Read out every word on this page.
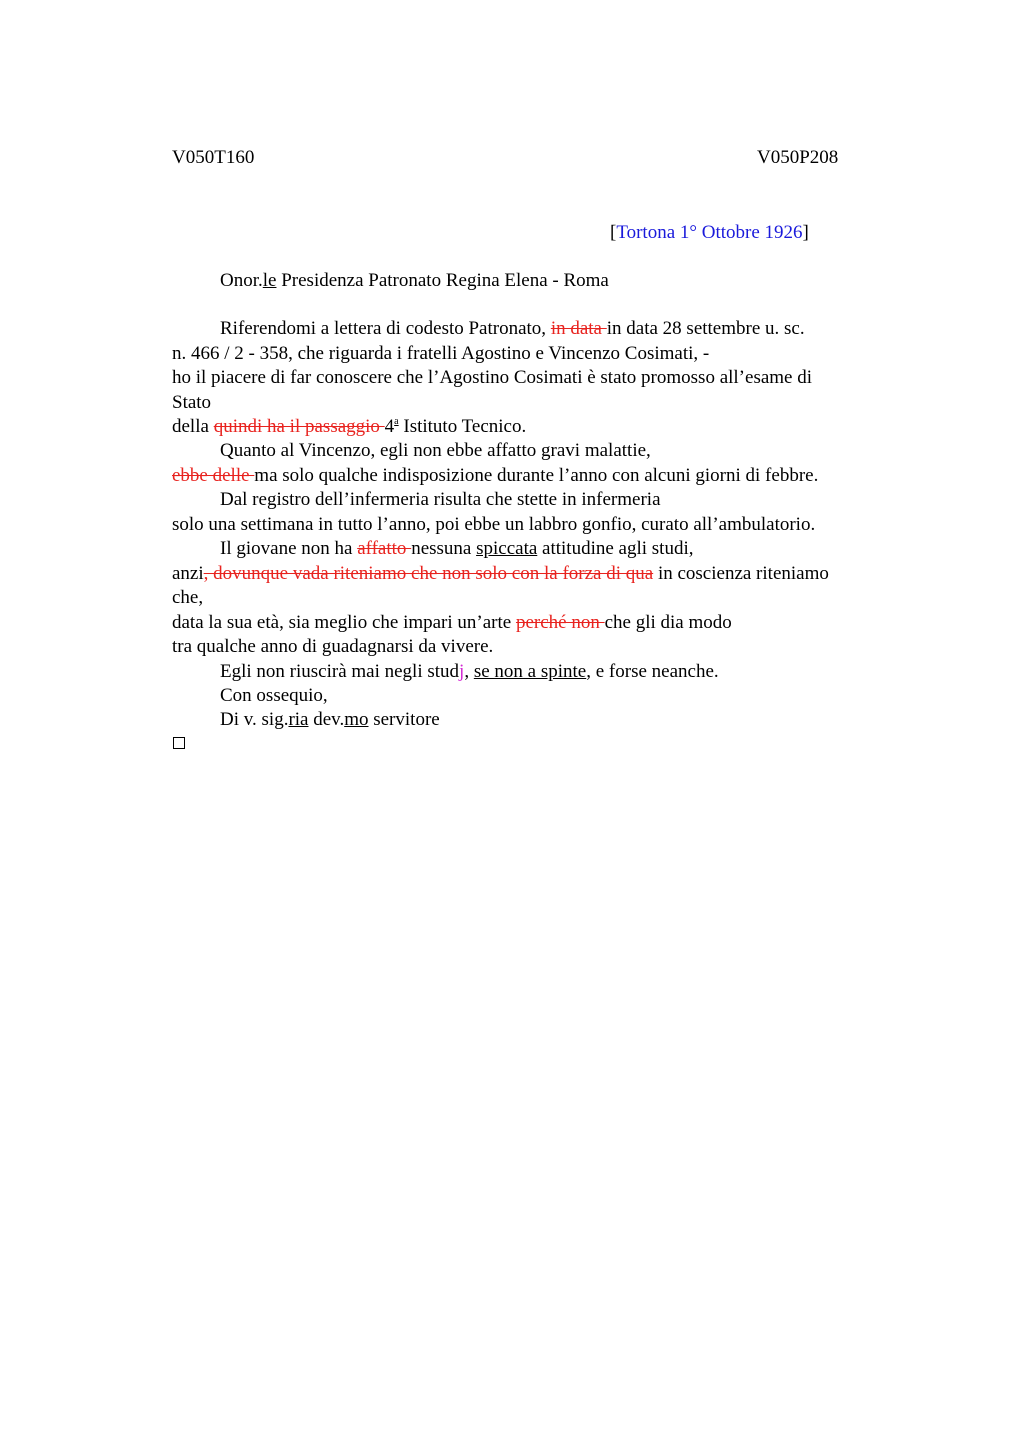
V050T160	V050P208
[Tortona 1° Ottobre 1926]
Onor.le Presidenza Patronato Regina Elena - Roma
Riferendomi a lettera di codesto Patronato, in data in data 28 settembre u. sc.
n. 466 / 2 - 358, che riguarda i fratelli Agostino e Vincenzo Cosimati, -
ho il piacere di far conoscere che l’Agostino Cosimati è stato promosso all’esame di
Stato
della quindi ha il passaggio 4$^a$ Istituto Tecnico.
Quanto al Vincenzo, egli non ebbe affatto gravi malattie,
ebbe delle ma solo qualche indisposizione durante l’anno con alcuni giorni di febbre.
Dal registro dell’infermeria risulta che stette in infermeria
solo una settimana in tutto l’anno, poi ebbe un labbro gonfio, curato all’ambulatorio.
Il giovane non ha affatto nessuna spiccata attitudine agli studi,
anzi, dovunque vada riteniamo che non solo con la forza di qua in coscienza riteniamo
che,
data la sua età, sia meglio che impari un’arte perché non che gli dia modo
tra qualche anno di guadagnarsi da vivere.
Egli non riuscirà mai negli studj, se non a spinte, e forse neanche.
Con ossequio,
Di v. sig.ria dev.mo servitore
